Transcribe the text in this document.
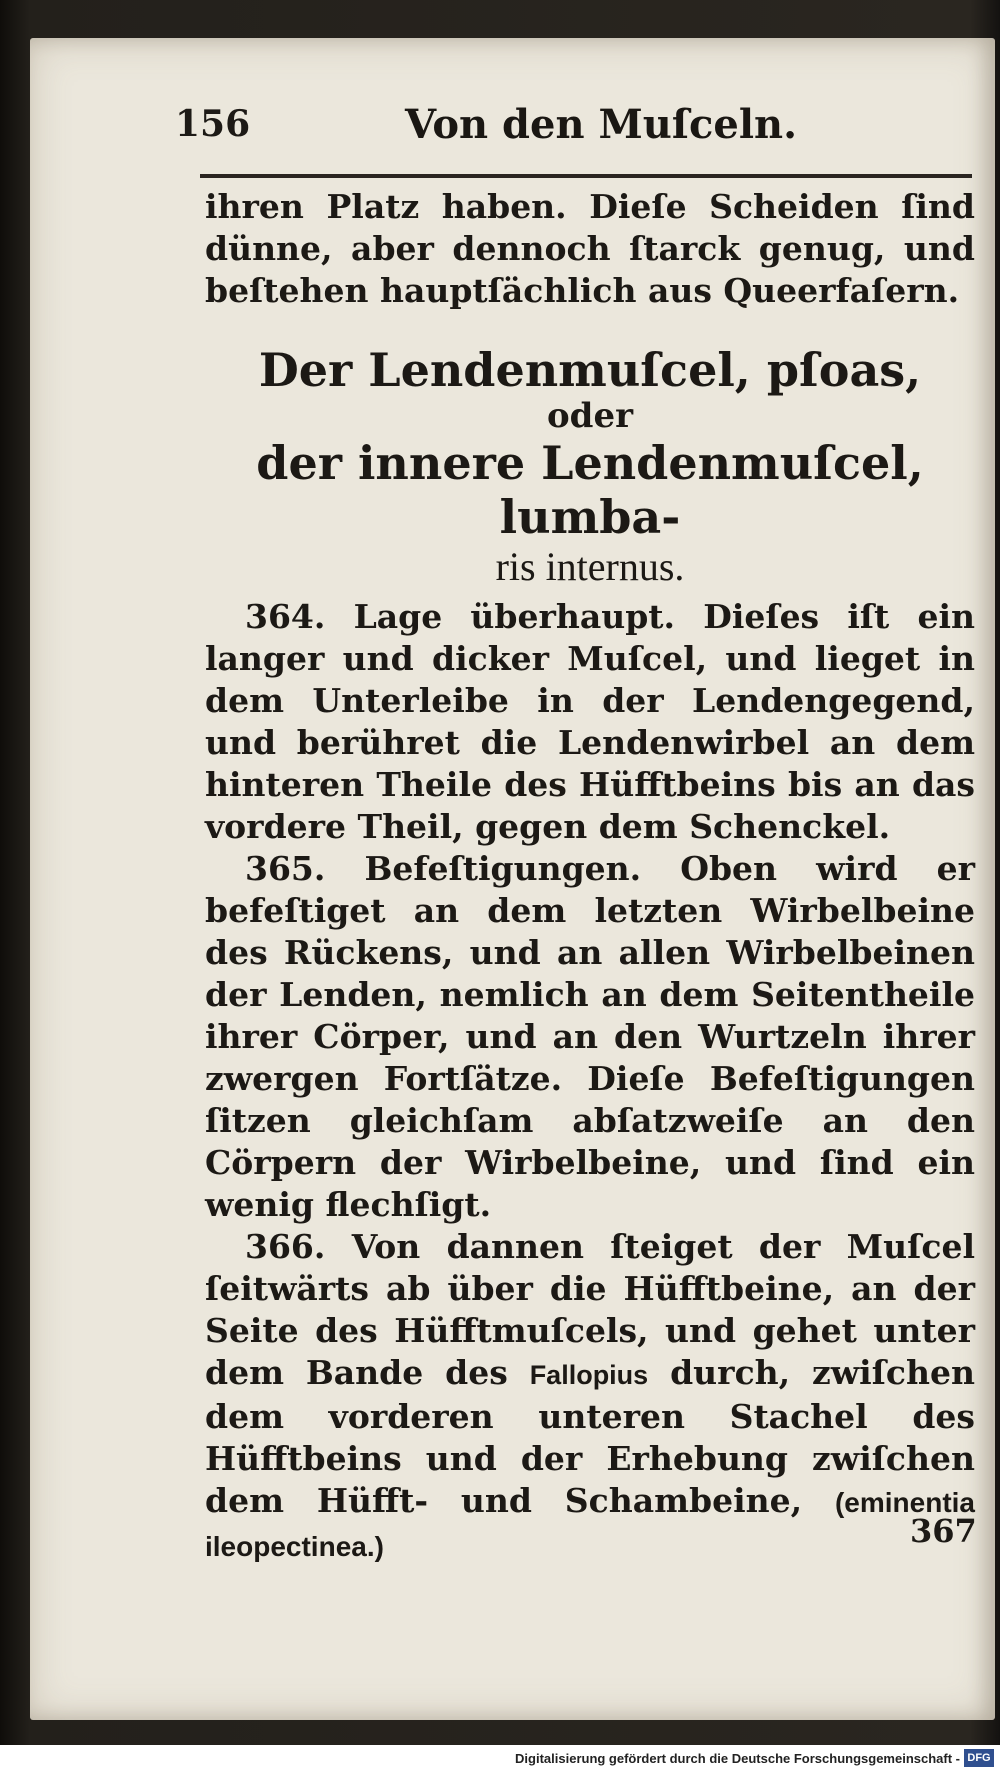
156	Von den Muſceln.

ihren Platz haben. Dieſe Scheiden ſind dünne, aber dennoch ſtarck genug, und beſtehen hauptſächlich aus Queerfaſern.

Der Lendenmuſcel, pſoas,
oder
der innere Lendenmuſcel, lumba-
ris internus.

364. Lage überhaupt. Dieſes iſt ein langer und dicker Muſcel, und lieget in dem Unterleibe in der Lendengegend, und berühret die Lendenwirbel an dem hinteren Theile des Hüfftbeins bis an das vordere Theil, gegen dem Schenckel.

365. Befeſtigungen. Oben wird er befeſtiget an dem letzten Wirbelbeine des Rückens, und an allen Wirbelbeinen der Lenden, nemlich an dem Seitentheile ihrer Cörper, und an den Wurtzeln ihrer zwergen Fortſätze. Dieſe Befeſtigungen ſitzen gleichſam abſatzweiſe an den Cörpern der Wirbelbeine, und ſind ein wenig flechſigt.

366. Von dannen ſteiget der Muſcel ſeitwärts ab über die Hüfftbeine, an der Seite des Hüfftmuſcels, und gehet unter dem Bande des Fallopius durch, zwiſchen dem vorderen unteren Stachel des Hüfftbeins und der Erhebung zwiſchen dem Hüfft- und Schambeine, (eminentia ileopectinea.)	367
Digitalisierung gefördert durch die Deutsche Forschungsgemeinschaft - DFG
